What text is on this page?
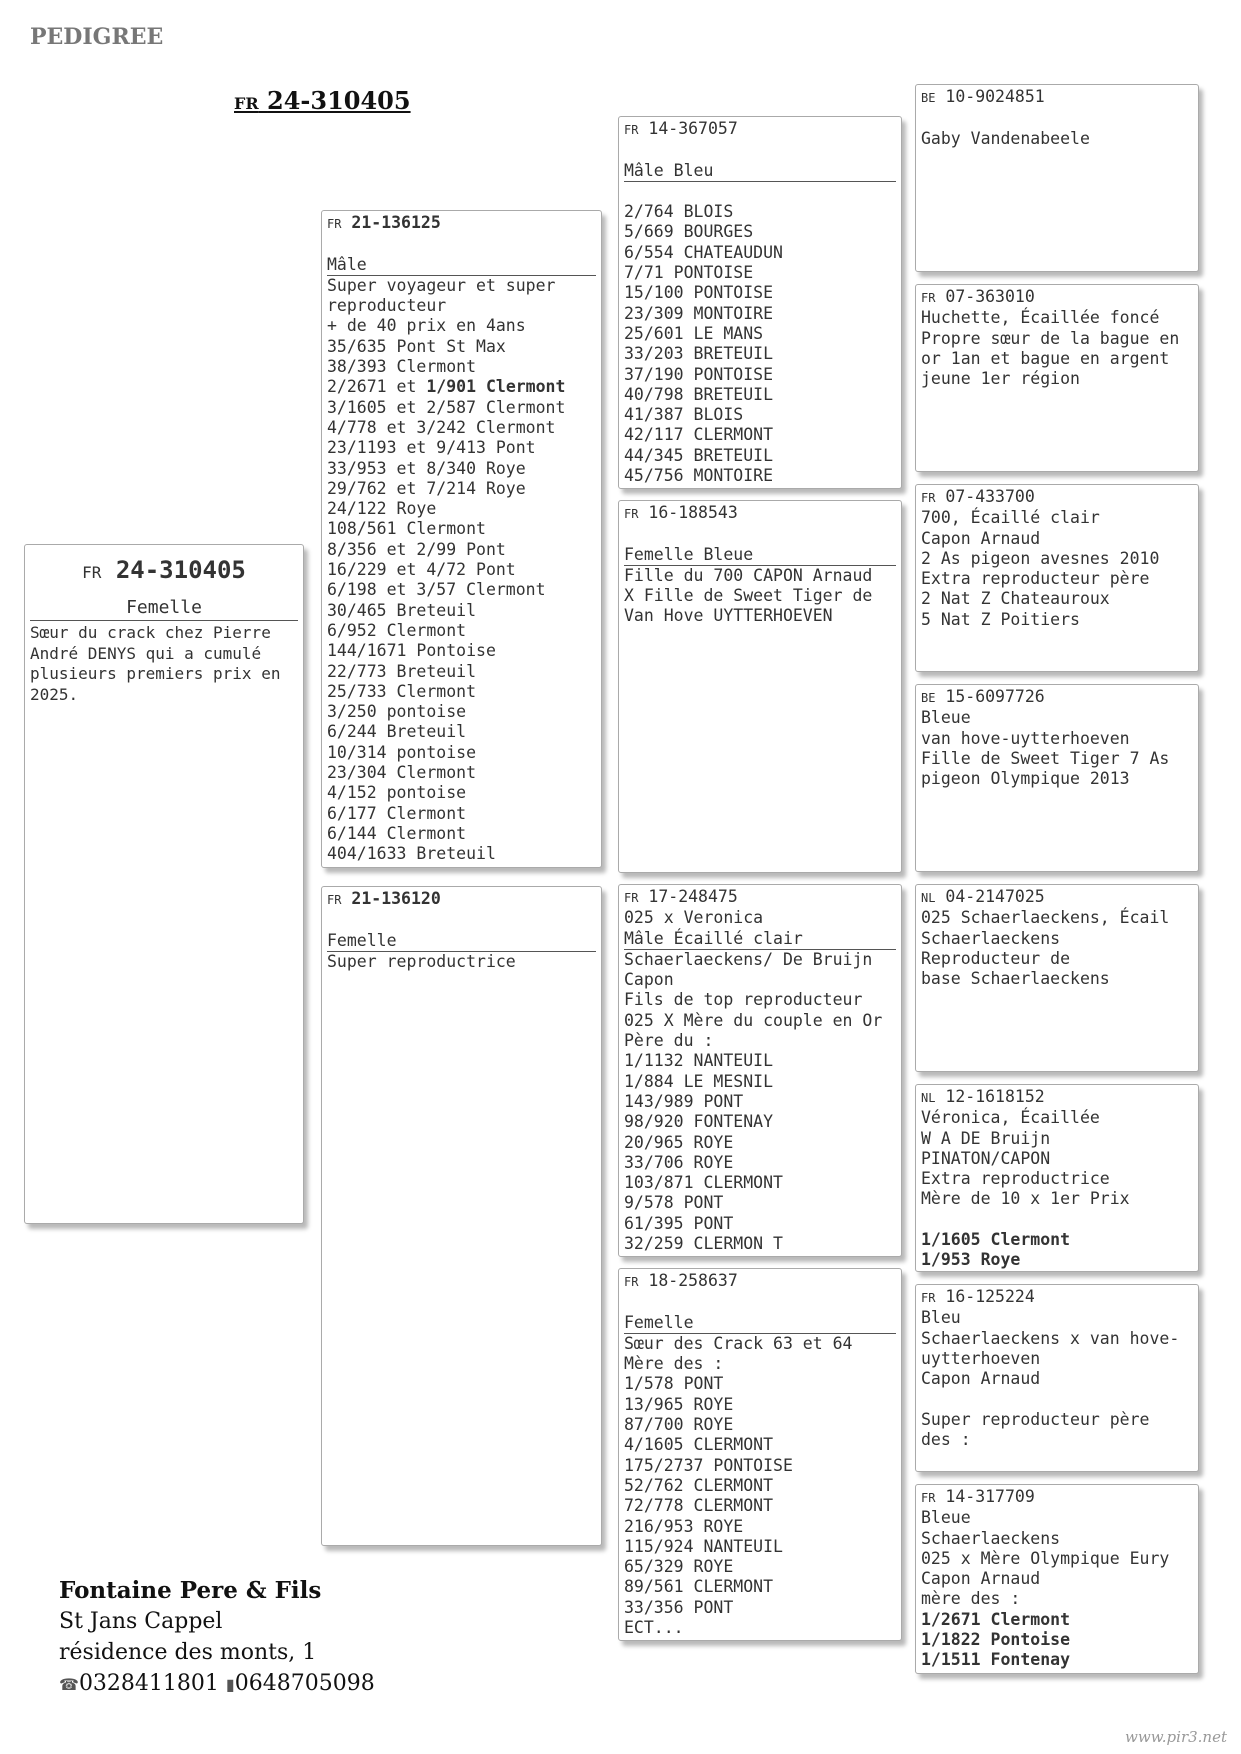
PEDIGREE
FR 24-310405
FR 24-310405
Femelle
Sœur du crack chez Pierre
André DENYS qui a cumulé
plusieurs premiers prix en
2025.
FR 21-136125
Mâle
Super voyageur et super
reproducteur
+ de 40 prix en 4ans
35/635 Pont St Max
38/393 Clermont
2/2671 et 1/901 Clermont
3/1605 et 2/587 Clermont
4/778 et 3/242 Clermont
23/1193 et 9/413 Pont
33/953 et 8/340 Roye
29/762 et 7/214 Roye
24/122 Roye
108/561 Clermont
8/356 et 2/99 Pont
16/229 et 4/72 Pont
6/198 et 3/57 Clermont
30/465 Breteuil
6/952 Clermont
144/1671 Pontoise
22/773 Breteuil
25/733 Clermont
3/250 pontoise
6/244 Breteuil
10/314 pontoise
23/304 Clermont
4/152 pontoise
6/177 Clermont
6/144 Clermont
404/1633 Breteuil
FR 21-136120
Femelle
Super reproductrice
FR 14-367057
Mâle Bleu
2/764 BLOIS
5/669 BOURGES
6/554 CHATEAUDUN
7/71 PONTOISE
15/100 PONTOISE
23/309 MONTOIRE
25/601 LE MANS
33/203 BRETEUIL
37/190 PONTOISE
40/798 BRETEUIL
41/387 BLOIS
42/117 CLERMONT
44/345 BRETEUIL
45/756 MONTOIRE
FR 16-188543
Femelle Bleue
Fille du 700 CAPON Arnaud
X Fille de Sweet Tiger de
Van Hove UYTTERHOEVEN
FR 17-248475
025 x Veronica
Mâle Écaillé clair
Schaerlaeckens/ De Bruijn
Capon
Fils de top reproducteur
025 X Mère du couple en Or
Père du :
1/1132 NANTEUIL
1/884 LE MESNIL
143/989 PONT
98/920 FONTENAY
20/965 ROYE
33/706 ROYE
103/871 CLERMONT
9/578 PONT
61/395 PONT
32/259 CLERMON T
FR 18-258637
Femelle
Sœur des Crack 63 et 64
Mère des :
1/578 PONT
13/965 ROYE
87/700 ROYE
4/1605 CLERMONT
175/2737 PONTOISE
52/762 CLERMONT
72/778 CLERMONT
216/953 ROYE
115/924 NANTEUIL
65/329 ROYE
89/561 CLERMONT
33/356 PONT
ECT...
BE 10-9024851
Gaby Vandenabeele
FR 07-363010
Huchette, Écaillée foncé
Propre sœur de la bague en
or 1an et bague en argent
jeune 1er région
FR 07-433700
700, Écaillé clair
Capon Arnaud
2 As pigeon avesnes 2010
Extra reproducteur père
2 Nat Z Chateauroux
5 Nat Z Poitiers
BE 15-6097726
Bleue
van hove-uytterhoeven
Fille de Sweet Tiger 7 As
pigeon Olympique 2013
NL 04-2147025
025 Schaerlaeckens, Écail
Schaerlaeckens
Reproducteur de
base Schaerlaeckens
NL 12-1618152
Véronica, Écaillée
W A DE Bruijn
PINATON/CAPON
Extra reproductrice
Mère de 10 x 1er Prix
1/1605 Clermont
1/953 Roye
FR 16-125224
Bleu
Schaerlaeckens x van hove-
uytterhoeven
Capon Arnaud
Super reproducteur père
des :
FR 14-317709
Bleue
Schaerlaeckens
025 x Mère Olympique Eury
Capon Arnaud
mère des :
1/2671 Clermont
1/1822 Pontoise
1/1511 Fontenay
Fontaine Pere & Fils
St Jans Cappel
résidence des monts, 1
☎0328411801 ▮0648705098
www.pir3.net
